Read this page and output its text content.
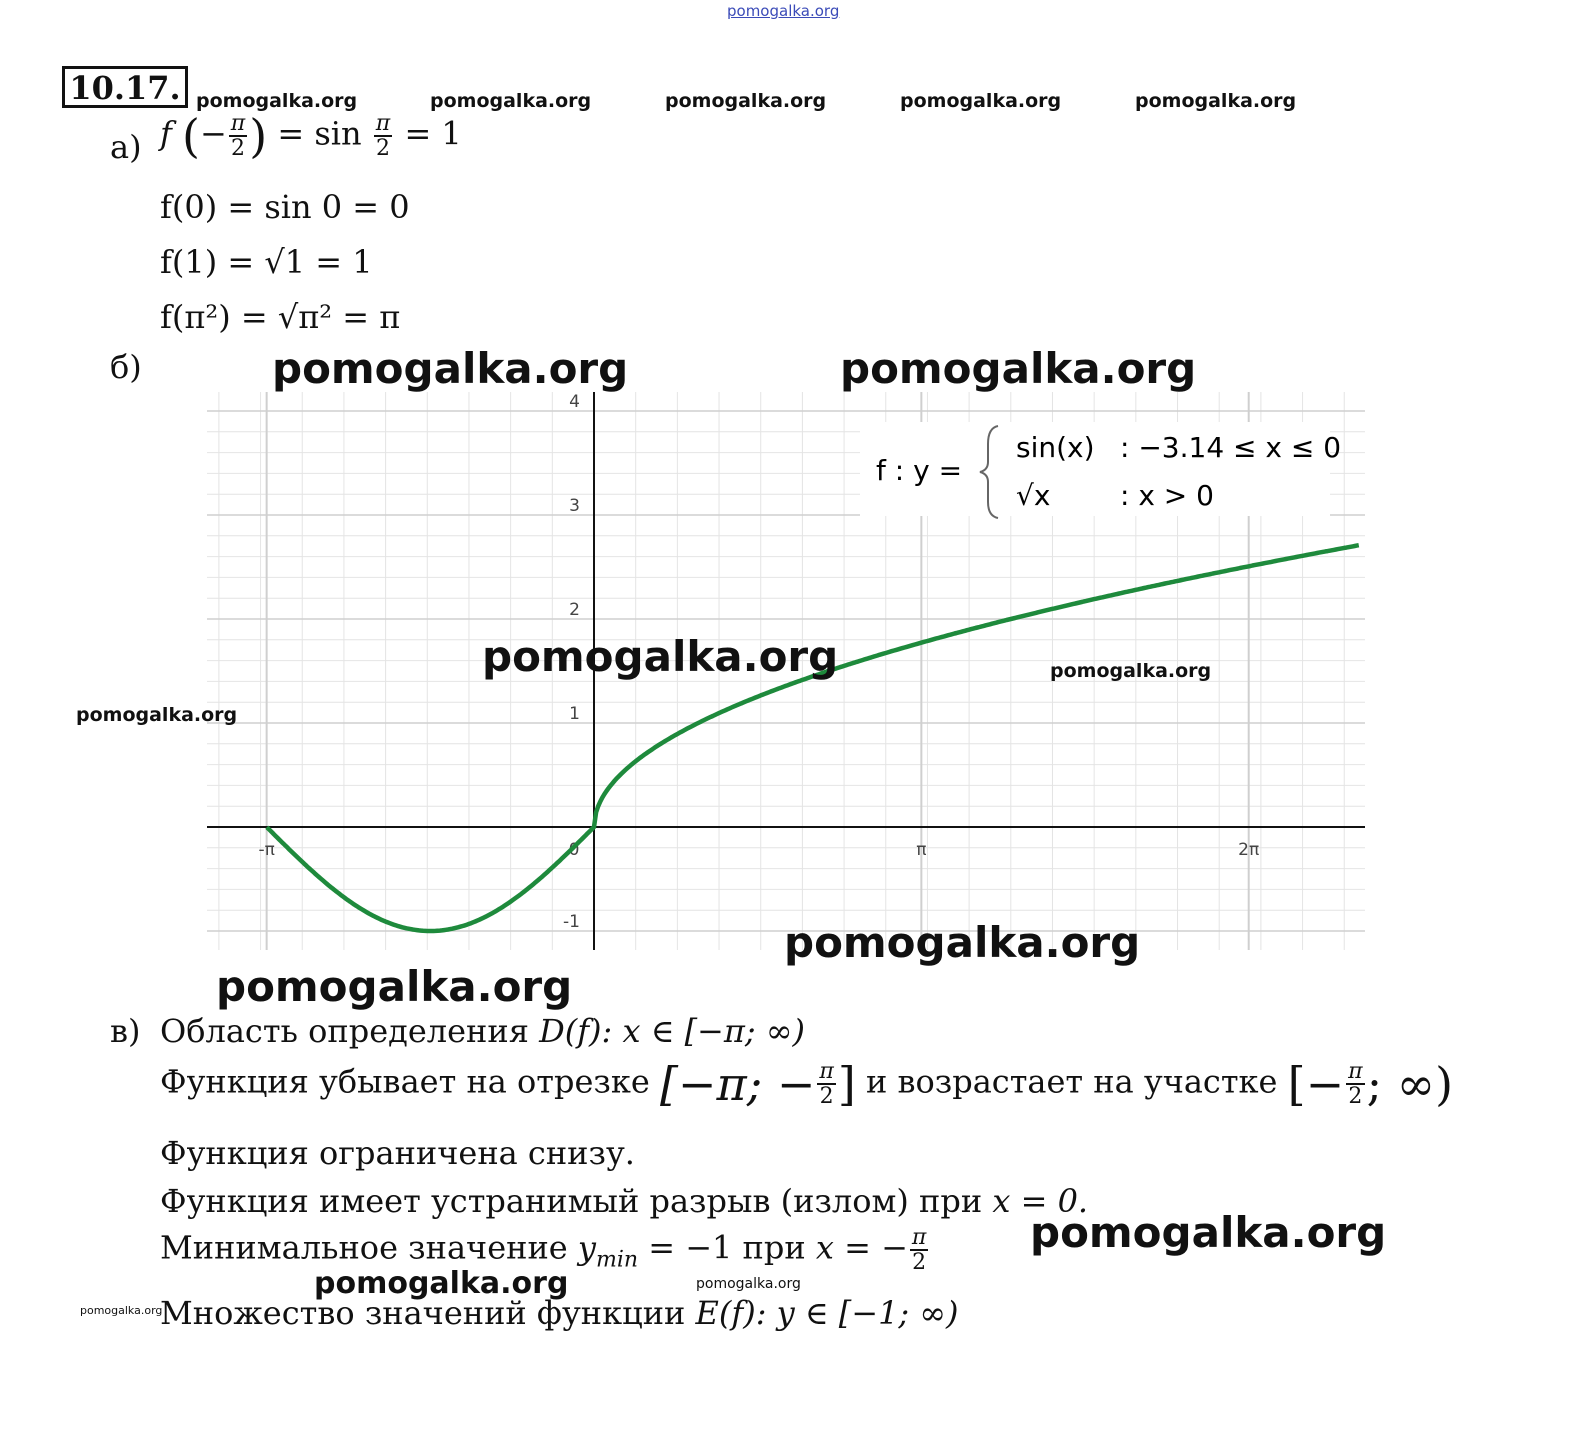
pomogalka.org
10.17. pomogalka.org	pomogalka.org	pomogalka.org	pomogalka.org	pomogalka.org
а) f (− $\frac{\pi}{2}$ ) = $\sin \frac{\pi}{2} = 1$
f(0) = sin 0 = 0
f(1) = √1 = 1
f(π²) = √π² = π
б)
4
3
2
1
-1
-π	0	π	2π
f : y =
sin(x) : −3.14 ≤ x ≤ 0
√x : x > 0
pomogalka.org	pomogalka.org
pomogalka.org	pomogalka.org
pomogalka.org
pomogalka.org
pomogalka.org
в) Область определения D(f): x ∈ [−π; ∞)
Функция убывает на отрезке [−π; − $\frac{\pi}{2}$ ] и возрастает на участке [− $\frac{\pi}{2}$ ; ∞)
Функция ограничена снизу.
Функция имеет устранимый разрыв (излом) при x = 0.
Минимальное значение $y_{min} = -1$ при x = − $\frac{\pi}{2}$ pomogalka.org
pomogalka.org	pomogalka.org
pomogalka.org
Множество значений функции E(f): y ∈ [−1; ∞)
